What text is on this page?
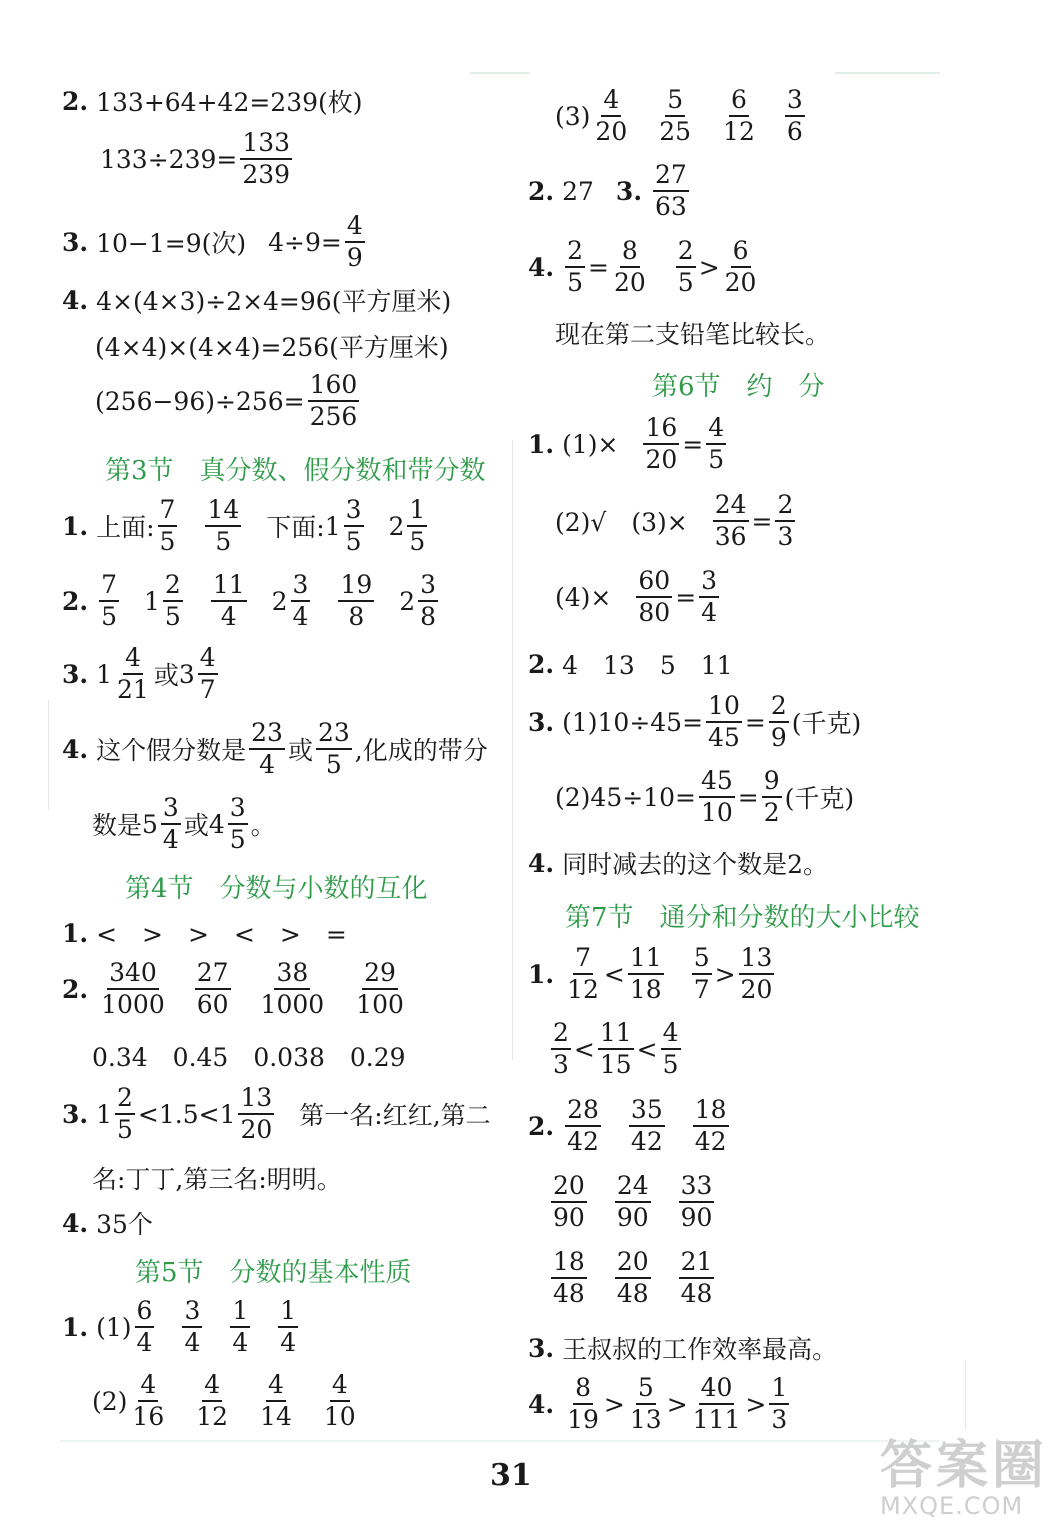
2. 133+64+42=239(枚)
$133\div 239= \frac{133}{239}$
3. 10−1=9(次) $4\div 9= \frac{4}{9}$
4. 4×(4×3)÷2×4=96(平方厘米)
(4×4)×(4×4)=256(平方厘米)
$(256-96)\div 256= \frac{160}{256}$
第3节　真分数、假分数和带分数
1. 上面: $\frac{7}{5} \frac{14}{5}$ 下面: $1 \frac{3}{5} 2 \frac{1}{5}$
2. $\frac{7}{5} 1 \frac{2}{5} \frac{11}{4} 2 \frac{3}{4} \frac{19}{8} 2 \frac{3}{8}$
3. $1 \frac{4}{21}$ 或 $3 \frac{4}{7}$
4. 这个假分数是 $\frac{23}{4}$ 或 $\frac{23}{5}$ ,化成的带分
数是 $5 \frac{3}{4}$ 或 $4 \frac{3}{5}$ 。
第4节　分数与小数的互化
1. <　>　>　<　>　=
2. $\frac{340}{1000} \frac{27}{60} \frac{38}{1000} \frac{29}{100}$
0.34　0.45　0.038　0.29
3. $1 \frac{2}{5} <1.5<1 \frac{13}{20}$ 第一名:红红,第二
名:丁丁,第三名:明明。
4. 35个
第5节　分数的基本性质
1. $(1) \frac{6}{4} \frac{3}{4} \frac{1}{4} \frac{1}{4}$
$(2) \frac{4}{16} \frac{4}{12} \frac{4}{14} \frac{4}{10}$
$(3) \frac{4}{20} \frac{5}{25} \frac{6}{12} \frac{3}{6}$
2. 27 3. $\frac{27}{63}$
4. $\frac{2}{5} = \frac{8}{20} \frac{2}{5} > \frac{6}{20}$
现在第二支铅笔比较长。
第6节　约　分
1. $(1)\times \frac{16}{20} = \frac{4}{5}$
(2)√　$(3)\times \frac{24}{36} = \frac{2}{3}$
$(4)\times \frac{60}{80} = \frac{3}{4}$
2. 4　13　5　11
3. $(1)10\div 45= \frac{10}{45} = \frac{2}{9}$ (千克)
$(2)45\div 10= \frac{45}{10} = \frac{9}{2}$ (千克)
4. 同时减去的这个数是2。
第7节　通分和分数的大小比较
1. $\frac{7}{12} < \frac{11}{18} \frac{5}{7} > \frac{13}{20}$
$\frac{2}{3} < \frac{11}{15} < \frac{4}{5}$
2. $\frac{28}{42} \frac{35}{42} \frac{18}{42}$
$\frac{20}{90} \frac{24}{90} \frac{33}{90}$
$\frac{18}{48} \frac{20}{48} \frac{21}{48}$
3. 王叔叔的工作效率最高。
4. $\frac{8}{19} > \frac{5}{13} > \frac{40}{111} > \frac{1}{3}$
31	答案圈
MXQE.COM
